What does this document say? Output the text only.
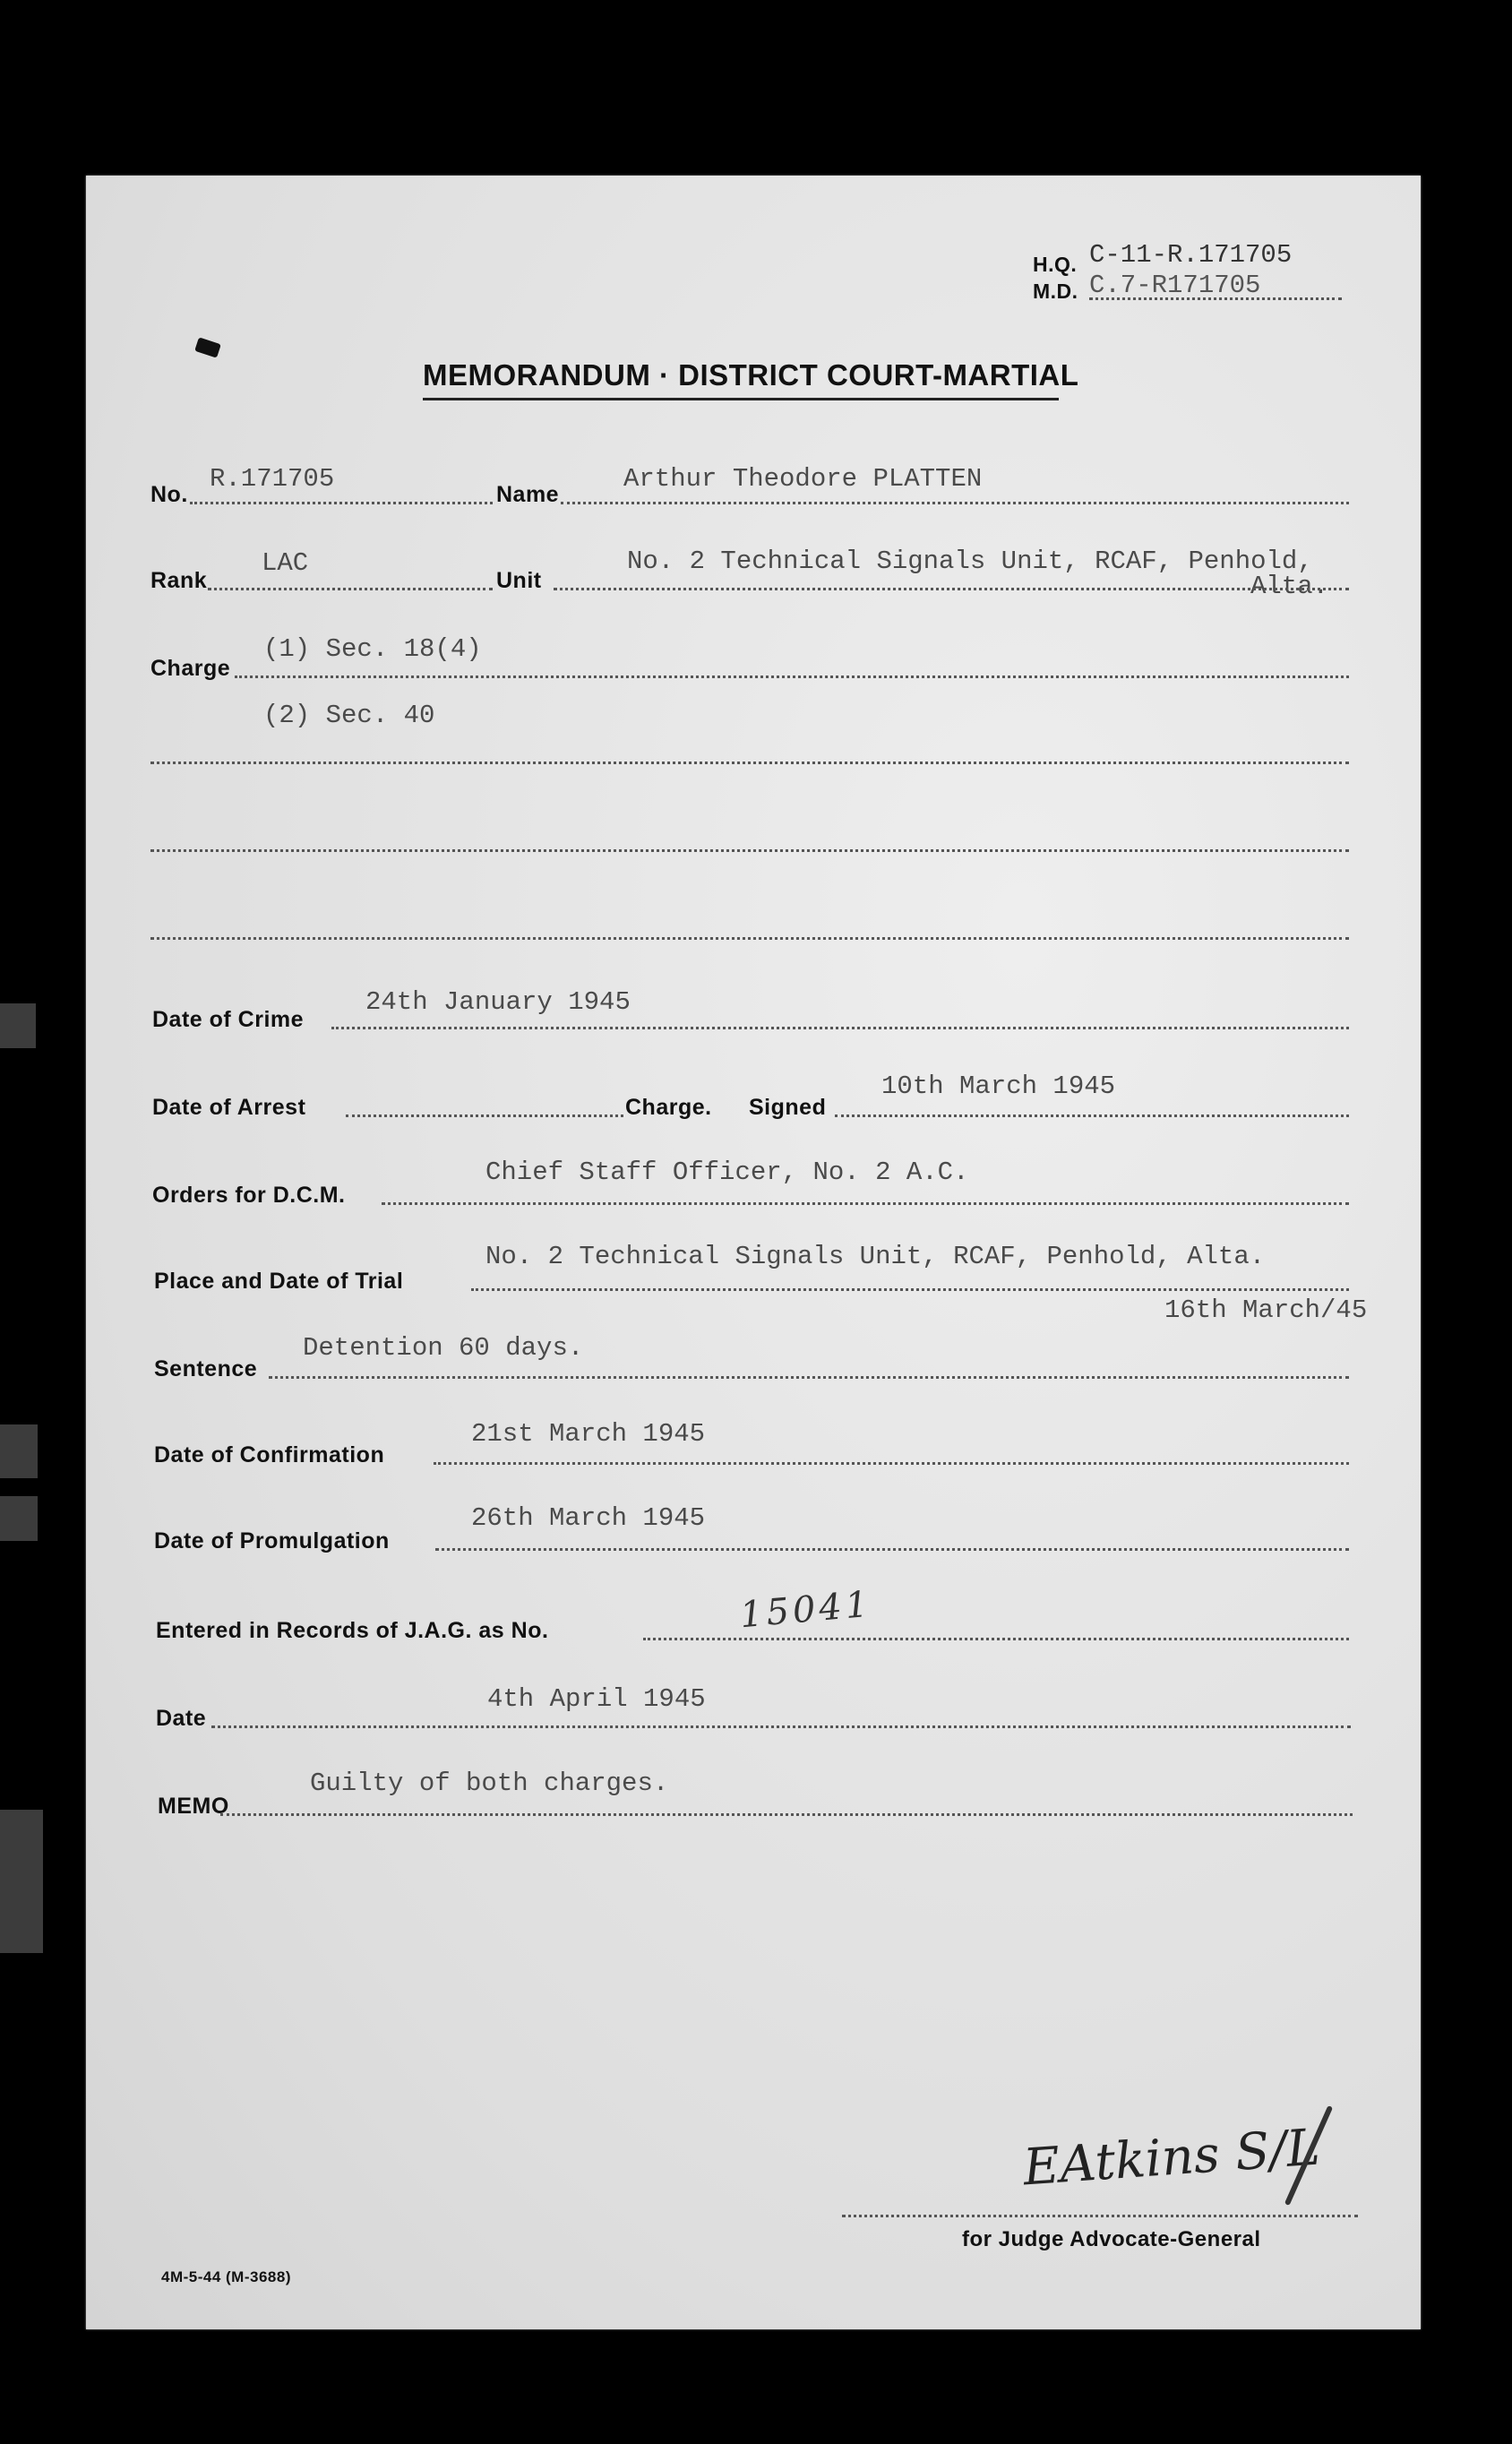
H.Q. C-11-R.171705
M.D. C.7-R171705
MEMORANDUM · DISTRICT COURT-MARTIAL
No.
R.171705
Name
Arthur Theodore PLATTEN
Rank
LAC
Unit
No. 2 Technical Signals Unit, RCAF, Penhold,
Alta.
Charge
(1) Sec. 18(4)
(2) Sec. 40
Date of Crime
24th January 1945
Date of Arrest	Charge. Signed
10th March 1945
Orders for D.C.M.
Chief Staff Officer, No. 2 A.C.
Place and Date of Trial
No. 2 Technical Signals Unit, RCAF, Penhold, Alta.
16th March/45
Sentence
Detention 60 days.
Date of Confirmation
21st March 1945
Date of Promulgation
26th March 1945
Entered in Records of J.A.G. as No.	15041
Date
4th April 1945
MEMO
Guilty of both charges.
EAtkins S/L
for Judge Advocate-General
4M-5-44 (M-3688)
